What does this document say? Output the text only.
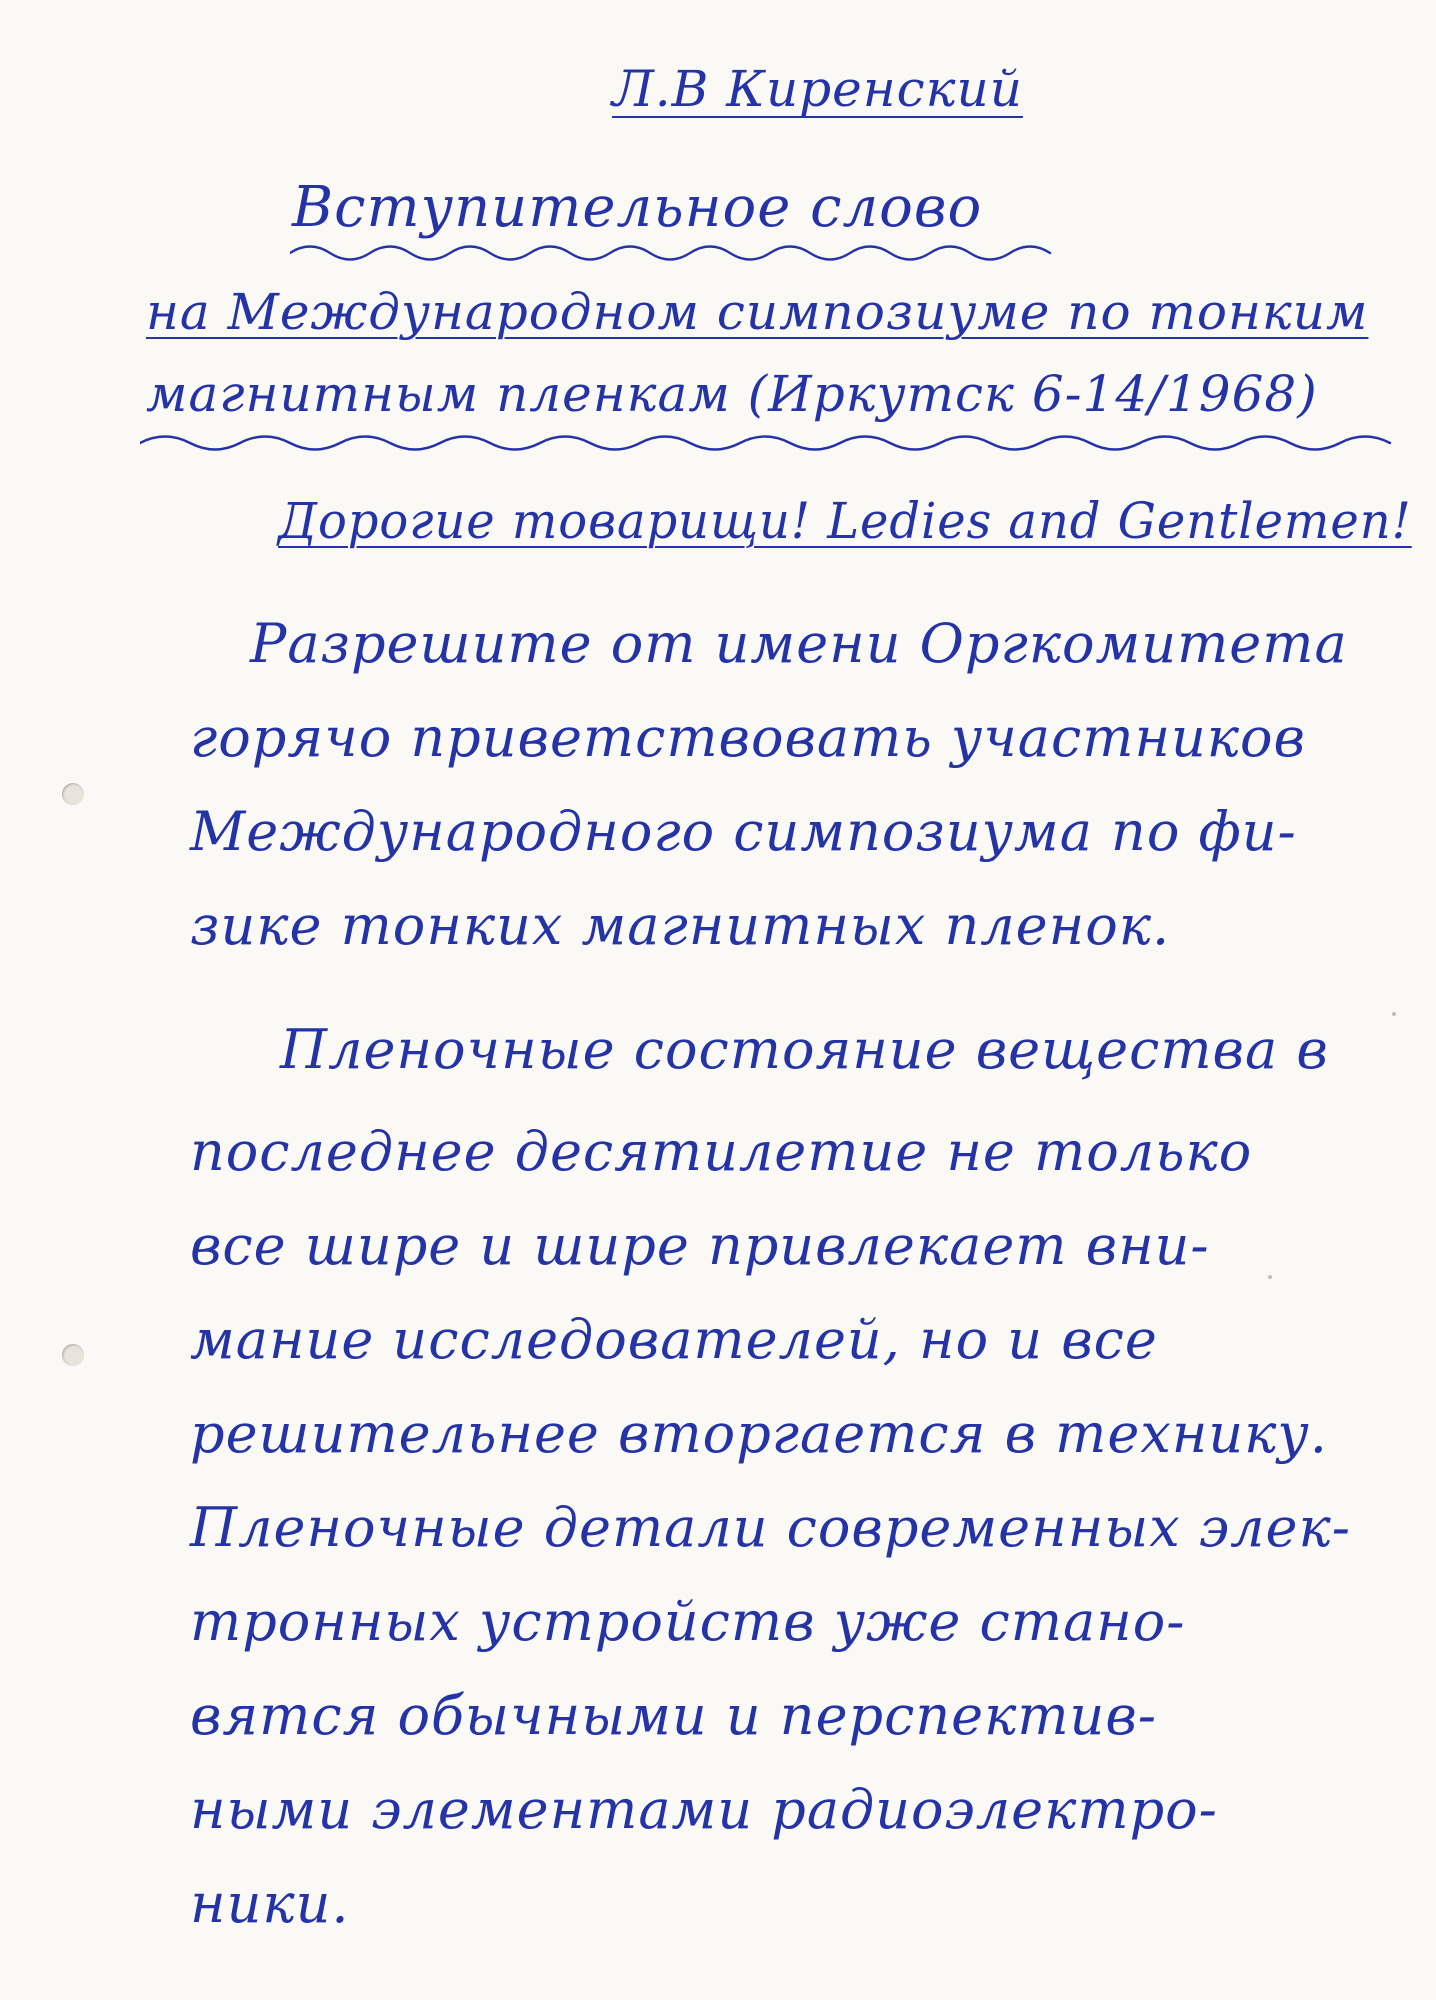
Л.В Киренский
Вступительное слово
на Международном симпозиуме по тонким
магнитным пленкам (Иркутск 6-14/1968)
Дорогие товарищи! Ledies and Gentlemen!
Разрешите от имени Оргкомитета
горячо приветствовать участников
Международного симпозиума по фи-
зике тонких магнитных пленок.
Пленочные состояние вещества в
последнее десятилетие не только
все шире и шире привлекает вни-
мание исследователей, но и все
решительнее вторгается в технику.
Пленочные детали современных элек-
тронных устройств уже стано-
вятся обычными и перспектив-
ными элементами радиоэлектро-
ники.
